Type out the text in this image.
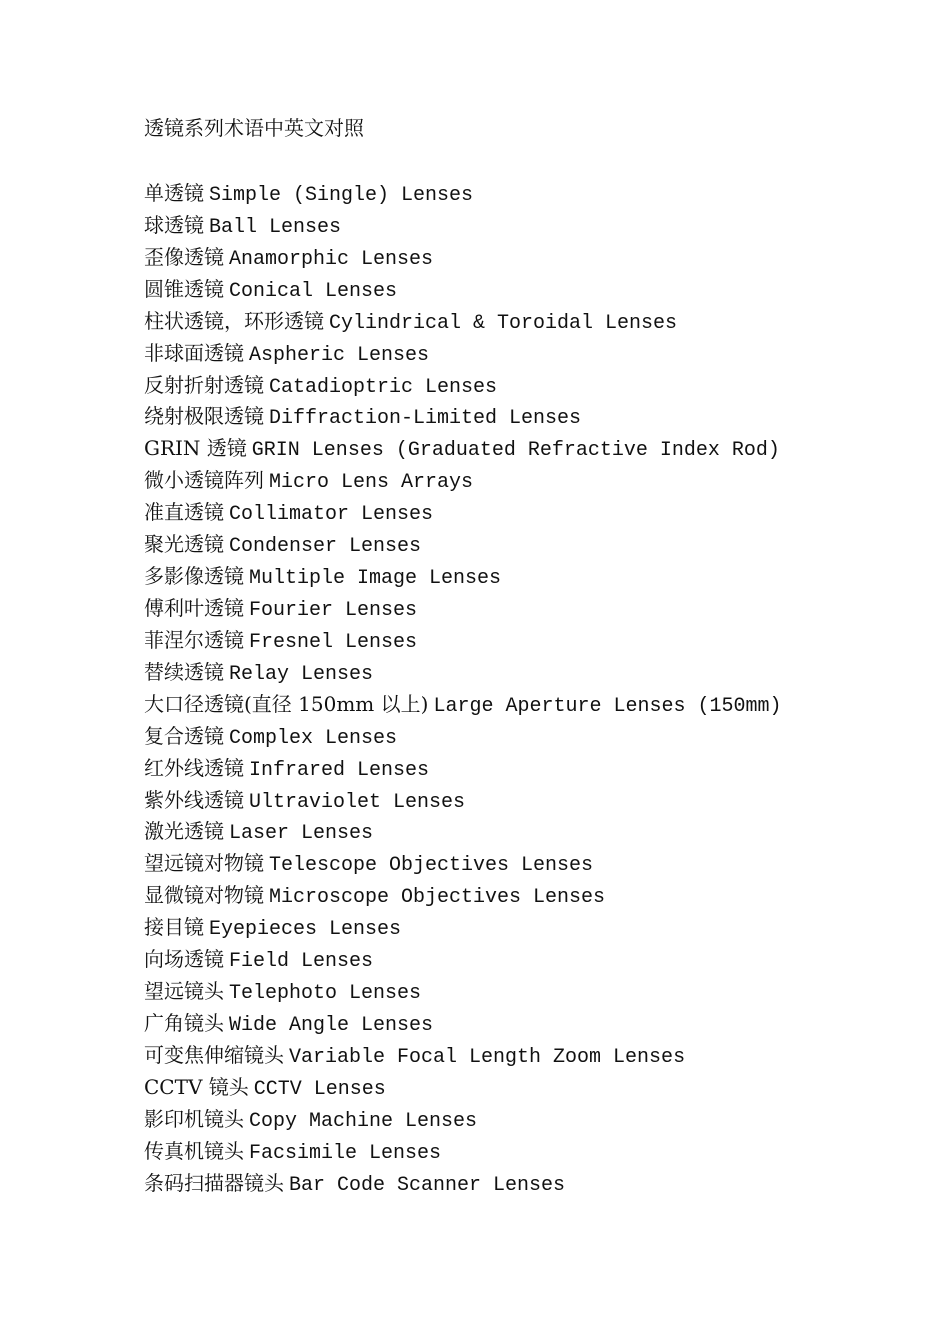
透镜系列术语中英文对照
单透镜 Simple (Single) Lenses
球透镜 Ball Lenses
歪像透镜 Anamorphic Lenses
圆锥透镜 Conical Lenses
柱状透镜，环形透镜 Cylindrical & Toroidal Lenses
非球面透镜 Aspheric Lenses
反射折射透镜 Catadioptric Lenses
绕射极限透镜 Diffraction-Limited Lenses
GRIN 透镜 GRIN Lenses (Graduated Refractive Index Rod)
微小透镜阵列 Micro Lens Arrays
准直透镜 Collimator Lenses
聚光透镜 Condenser Lenses
多影像透镜 Multiple Image Lenses
傅利叶透镜 Fourier Lenses
菲涅尔透镜 Fresnel Lenses
替续透镜 Relay Lenses
大口径透镜(直径 150mm 以上) Large Aperture Lenses (150mm)
复合透镜 Complex Lenses
红外线透镜 Infrared Lenses
紫外线透镜 Ultraviolet Lenses
激光透镜 Laser Lenses
望远镜对物镜 Telescope Objectives Lenses
显微镜对物镜 Microscope Objectives Lenses
接目镜 Eyepieces Lenses
向场透镜 Field Lenses
望远镜头 Telephoto Lenses
广角镜头 Wide Angle Lenses
可变焦伸缩镜头 Variable Focal Length Zoom Lenses
CCTV 镜头 CCTV Lenses
影印机镜头 Copy Machine Lenses
传真机镜头 Facsimile Lenses
条码扫描器镜头 Bar Code Scanner Lenses
